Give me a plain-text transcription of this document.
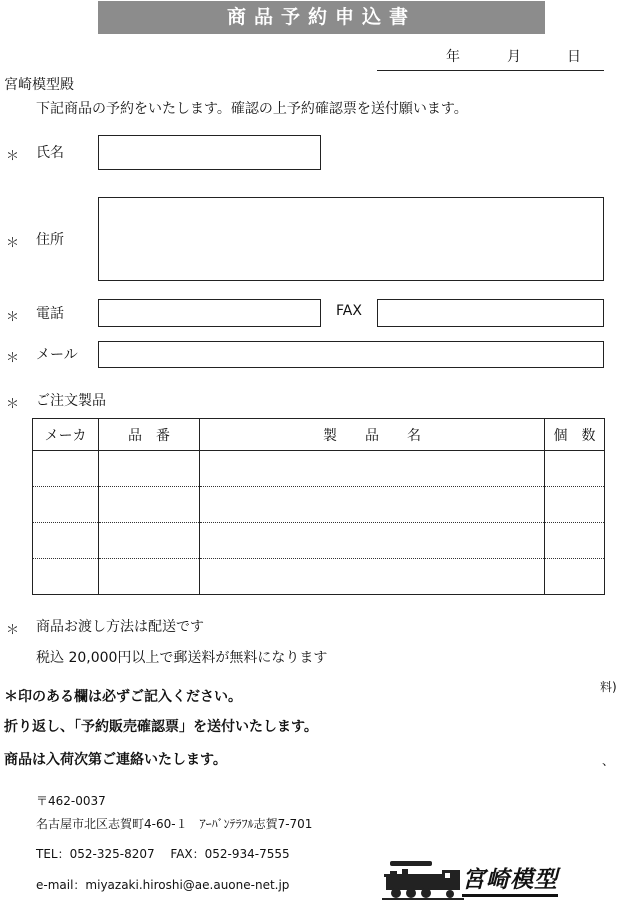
商品予約申込書
年	月	日
宮崎模型殿
下記商品の予約をいたします。確認の上予約確認票を送付願います。
＊ 氏名
＊ 住所
＊ 電話	FAX
＊ メール
＊ ご注文製品
メーカ	品　番	製　　品　　名	個　数

＊ 商品お渡し方法は配送です
税込 20,000円以上で郵送料が無料になります
＊印のある欄は必ずご記入ください。
折り返し、「予約販売確認票」を送付いたします。
商品は入荷次第ご連絡いたします。
料)
、
〒462-0037
名古屋市北区志賀町4-60-１　ｱｰﾊﾞﾝﾃﾗﾌﾙ志賀7-701
TEL：052-325-8207　 FAX：052-934-7555
e-mail：miyazaki.hiroshi@ae.auone-net.jp	宮崎模型
